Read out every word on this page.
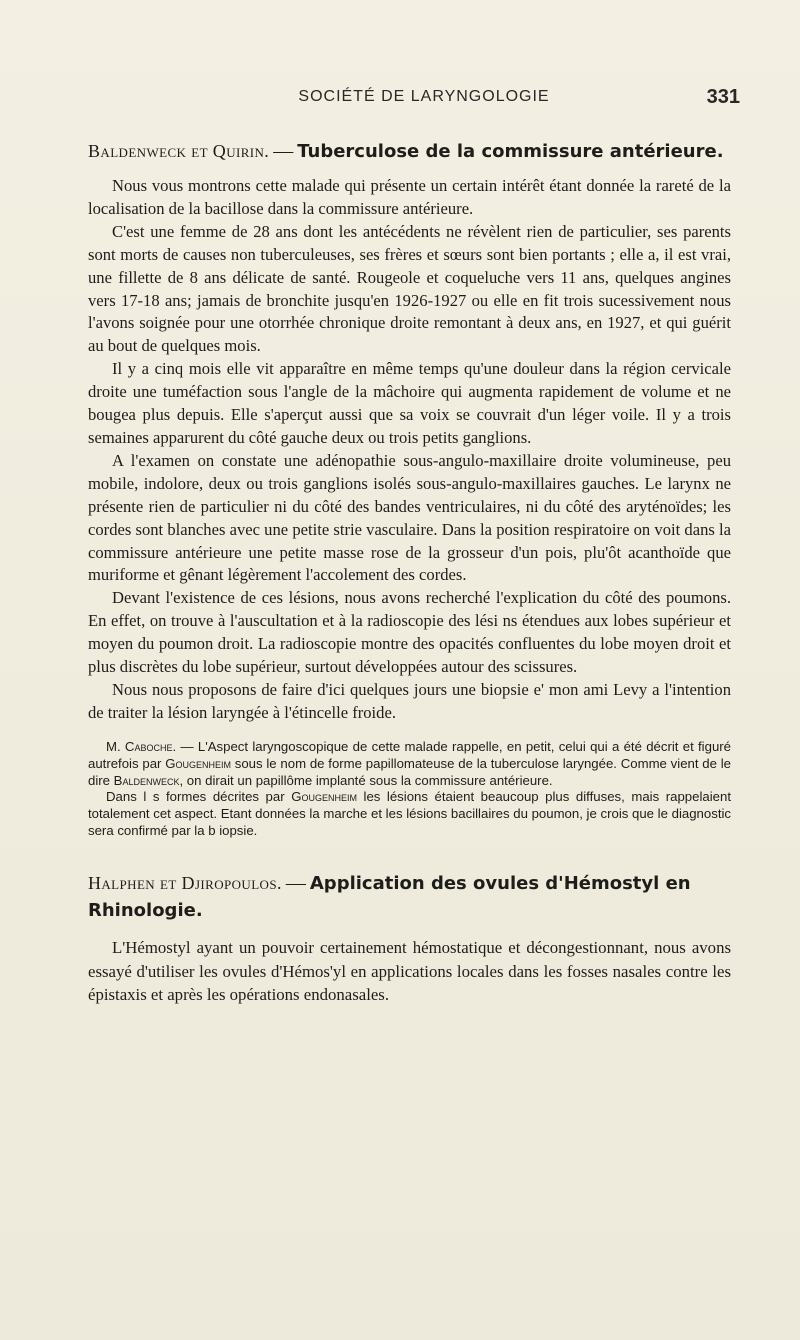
SOCIÉTÉ DE LARYNGOLOGIE	331
Baldenweck et Quirin. — Tuberculose de la commissure antérieure.

Nous vous montrons cette malade qui présente un certain intérêt étant donnée la rareté de la localisation de la bacillose dans la commissure antérieure.

C'est une femme de 28 ans dont les antécédents ne révèlent rien de particulier, ses parents sont morts de causes non tuberculeuses, ses frères et sœurs sont bien portants ; elle a, il est vrai, une fillette de 8 ans délicate de santé. Rougeole et coqueluche vers 11 ans, quelques angines vers 17-18 ans; jamais de bronchite jusqu'en 1926-1927 ou elle en fit trois sucessivement nous l'avons soignée pour une otorrhée chronique droite remontant à deux ans, en 1927, et qui guérit au bout de quelques mois.

Il y a cinq mois elle vit apparaître en même temps qu'une douleur dans la région cervicale droite une tuméfaction sous l'angle de la mâchoire qui augmenta rapidement de volume et ne bougea plus depuis. Elle s'aperçut aussi que sa voix se couvrait d'un léger voile. Il y a trois semaines apparurent du côté gauche deux ou trois petits ganglions.

A l'examen on constate une adénopathie sous-angulo-maxillaire droite volumineuse, peu mobile, indolore, deux ou trois ganglions isolés sous-angulo-maxillaires gauches. Le larynx ne présente rien de particulier ni du côté des bandes ventriculaires, ni du côté des aryténoïdes; les cordes sont blanches avec une petite strie vasculaire. Dans la position respiratoire on voit dans la commissure antérieure une petite masse rose de la grosseur d'un pois, plu'ôt acanthoïde que muriforme et gênant légèrement l'accolement des cordes.

Devant l'existence de ces lésions, nous avons recherché l'explication du côté des poumons. En effet, on trouve à l'auscultation et à la radioscopie des lési ns étendues aux lobes supérieur et moyen du poumon droit. La radioscopie montre des opacités confluentes du lobe moyen droit et plus discrètes du lobe supérieur, surtout développées autour des scissures.

Nous nous proposons de faire d'ici quelques jours une biopsie e' mon ami Levy a l'intention de traiter la lésion laryngée à l'étincelle froide.

M. Caboche. — L'Aspect laryngoscopique de cette malade rappelle, en petit, celui qui a été décrit et figuré autrefois par Gougenheim sous le nom de forme papillomateuse de la tuberculose laryngée. Comme vient de le dire Baldenweck, on dirait un papillôme implanté sous la commissure antérieure.

Dans l s formes décrites par Gougenheim les lésions étaient beaucoup plus diffuses, mais rappelaient totalement cet aspect. Etant données la marche et les lésions bacillaires du poumon, je crois que le diagnostic sera confirmé par la b iopsie.

Halphen et Djiropoulos. — Application des ovules d'Hémostyl en Rhinologie.

L'Hémostyl ayant un pouvoir certainement hémostatique et décongestionnant, nous avons essayé d'utiliser les ovules d'Hémos'yl en applications locales dans les fosses nasales contre les épistaxis et après les opérations endonasales.
